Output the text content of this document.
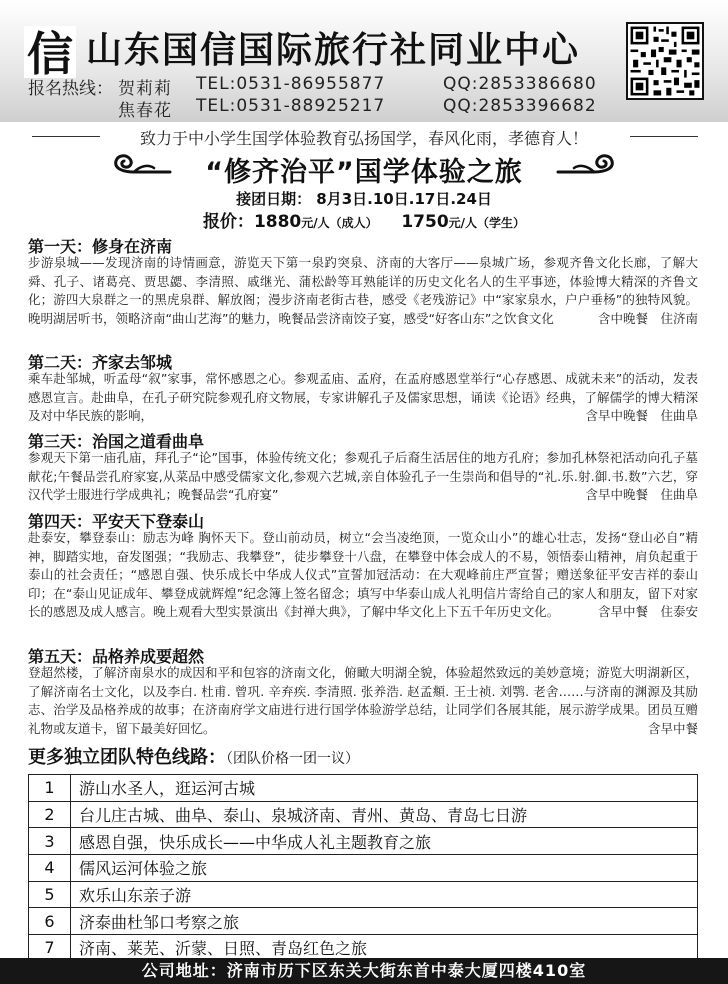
信 山东国信国际旅行社同业中心
报名热线： 贺莉莉 TEL:0531-86955877	QQ:2853386680
焦春花 TEL:0531-88925217	QQ:2853396682
致力于中小学生国学体验教育弘扬国学，春风化雨，孝德育人！
“修齐治平”国学体验之旅
接团日期： 8月3日.10日.17日.24日
报价：1880元/人（成人） 1750元/人（学生）
第一天：修身在济南
步游泉城——发现济南的诗情画意，游览天下第一泉趵突泉、济南的大客厅——泉城广场，参观齐鲁文化长廊，了解大舜、孔子、诸葛亮、贾思勰、李清照、戚继光、蒲松龄等耳熟能详的历史文化名人的生平事迹，体验博大精深的齐鲁文化；游四大泉群之一的黑虎泉群、解放阁；漫步济南老街古巷，感受《老残游记》中“家家泉水，户户垂杨”的独特风貌。晚明湖居听书，领略济南“曲山艺海”的魅力，晚餐品尝济南饺子宴，感受“好客山东”之饮食文化	含中晚餐　住济南
第二天：齐家去邹城
乘车赴邹城，听孟母“叙”家事，常怀感恩之心。参观孟庙、孟府，在孟府感恩堂举行“心存感恩、成就未来”的活动，发表感恩宣言。赴曲阜，在孔子研究院参观孔府文物展，专家讲解孔子及儒家思想，诵读《论语》经典，了解儒学的博大精深及对中华民族的影响，	含早中晚餐　住曲阜
第三天：治国之道看曲阜
参观天下第一庙孔庙，拜孔子“论”国事，体验传统文化；参观孔子后裔生活居住的地方孔府；参加孔林祭祀活动向孔子墓献花;午餐品尝孔府家宴,从菜品中感受儒家文化,参观六艺城,亲自体验孔子一生崇尚和倡导的“礼.乐.射.御.书.数”六艺，穿汉代学士服进行学成典礼；晚餐品尝“孔府宴”	含早中晚餐　住曲阜
第四天：平安天下登泰山
赴泰安，攀登泰山：励志为峰 胸怀天下。登山前动员，树立“会当凌绝顶，一览众山小”的雄心壮志，发扬“登山必自”精神，脚踏实地，奋发图强；“我励志、我攀登”，徒步攀登十八盘，在攀登中体会成人的不易，领悟泰山精神，肩负起重于泰山的社会责任；“感恩自强、快乐成长中华成人仪式”宣誓加冠活动：在大观峰前庄严宣誓；赠送象征平安吉祥的泰山印；在“泰山见证成年、攀登成就辉煌”纪念簿上签名留念；填写中华泰山成人礼明信片寄给自己的家人和朋友，留下对家长的感恩及成人感言。晚上观看大型实景演出《封禅大典》，了解中华文化上下五千年历史文化。	含早中餐　住泰安
第五天：品格养成要超然
登超然楼，了解济南泉水的成因和平和包容的济南文化，俯瞰大明湖全貌，体验超然致远的美妙意境；游览大明湖新区，了解济南名士文化，以及李白. 杜甫. 曾巩. 辛弃疾. 李清照. 张养浩. 赵孟頫. 王士祯. 刘鹗. 老舍……与济南的渊源及其励志、治学及品格养成的故事；在济南府学文庙进行进行国学体验游学总结，让同学们各展其能，展示游学成果。团员互赠礼物或友道卡，留下最美好回忆。	含早中餐
更多独立团队特色线路：（团队价格一团一议）
1	游山水圣人，逛运河古城
2	台儿庄古城、曲阜、泰山、泉城济南、青州、黄岛、青岛七日游
3	感恩自强，快乐成长——中华成人礼主题教育之旅
4	儒风运河体验之旅
5	欢乐山东亲子游
6	济泰曲杜邹口考察之旅
7	济南、莱芜、沂蒙、日照、青岛红色之旅
公司地址：济南市历下区东关大街东首中泰大厦四楼410室
